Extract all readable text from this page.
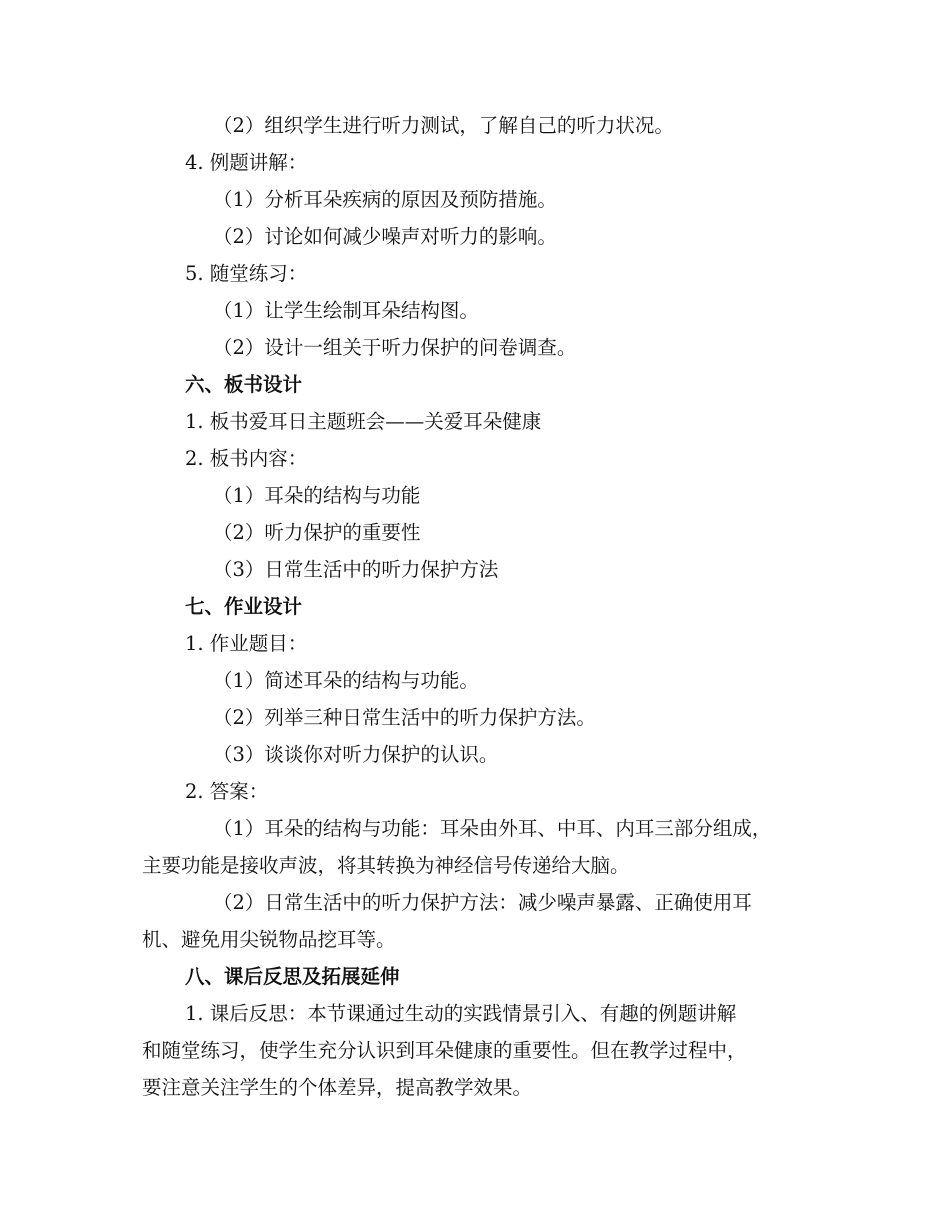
（2）组织学生进行听力测试，了解自己的听力状况。
4. 例题讲解：
（1）分析耳朵疾病的原因及预防措施。
（2）讨论如何减少噪声对听力的影响。
5. 随堂练习：
（1）让学生绘制耳朵结构图。
（2）设计一组关于听力保护的问卷调查。
六、板书设计
1. 板书爱耳日主题班会——关爱耳朵健康
2. 板书内容：
（1）耳朵的结构与功能
（2）听力保护的重要性
（3）日常生活中的听力保护方法
七、作业设计
1. 作业题目：
（1）简述耳朵的结构与功能。
（2）列举三种日常生活中的听力保护方法。
（3）谈谈你对听力保护的认识。
2. 答案：
（1）耳朵的结构与功能：耳朵由外耳、中耳、内耳三部分组成，
主要功能是接收声波，将其转换为神经信号传递给大脑。
（2）日常生活中的听力保护方法：减少噪声暴露、正确使用耳
机、避免用尖锐物品挖耳等。
八、课后反思及拓展延伸
1. 课后反思：本节课通过生动的实践情景引入、有趣的例题讲解
和随堂练习，使学生充分认识到耳朵健康的重要性。但在教学过程中，
要注意关注学生的个体差异，提高教学效果。
